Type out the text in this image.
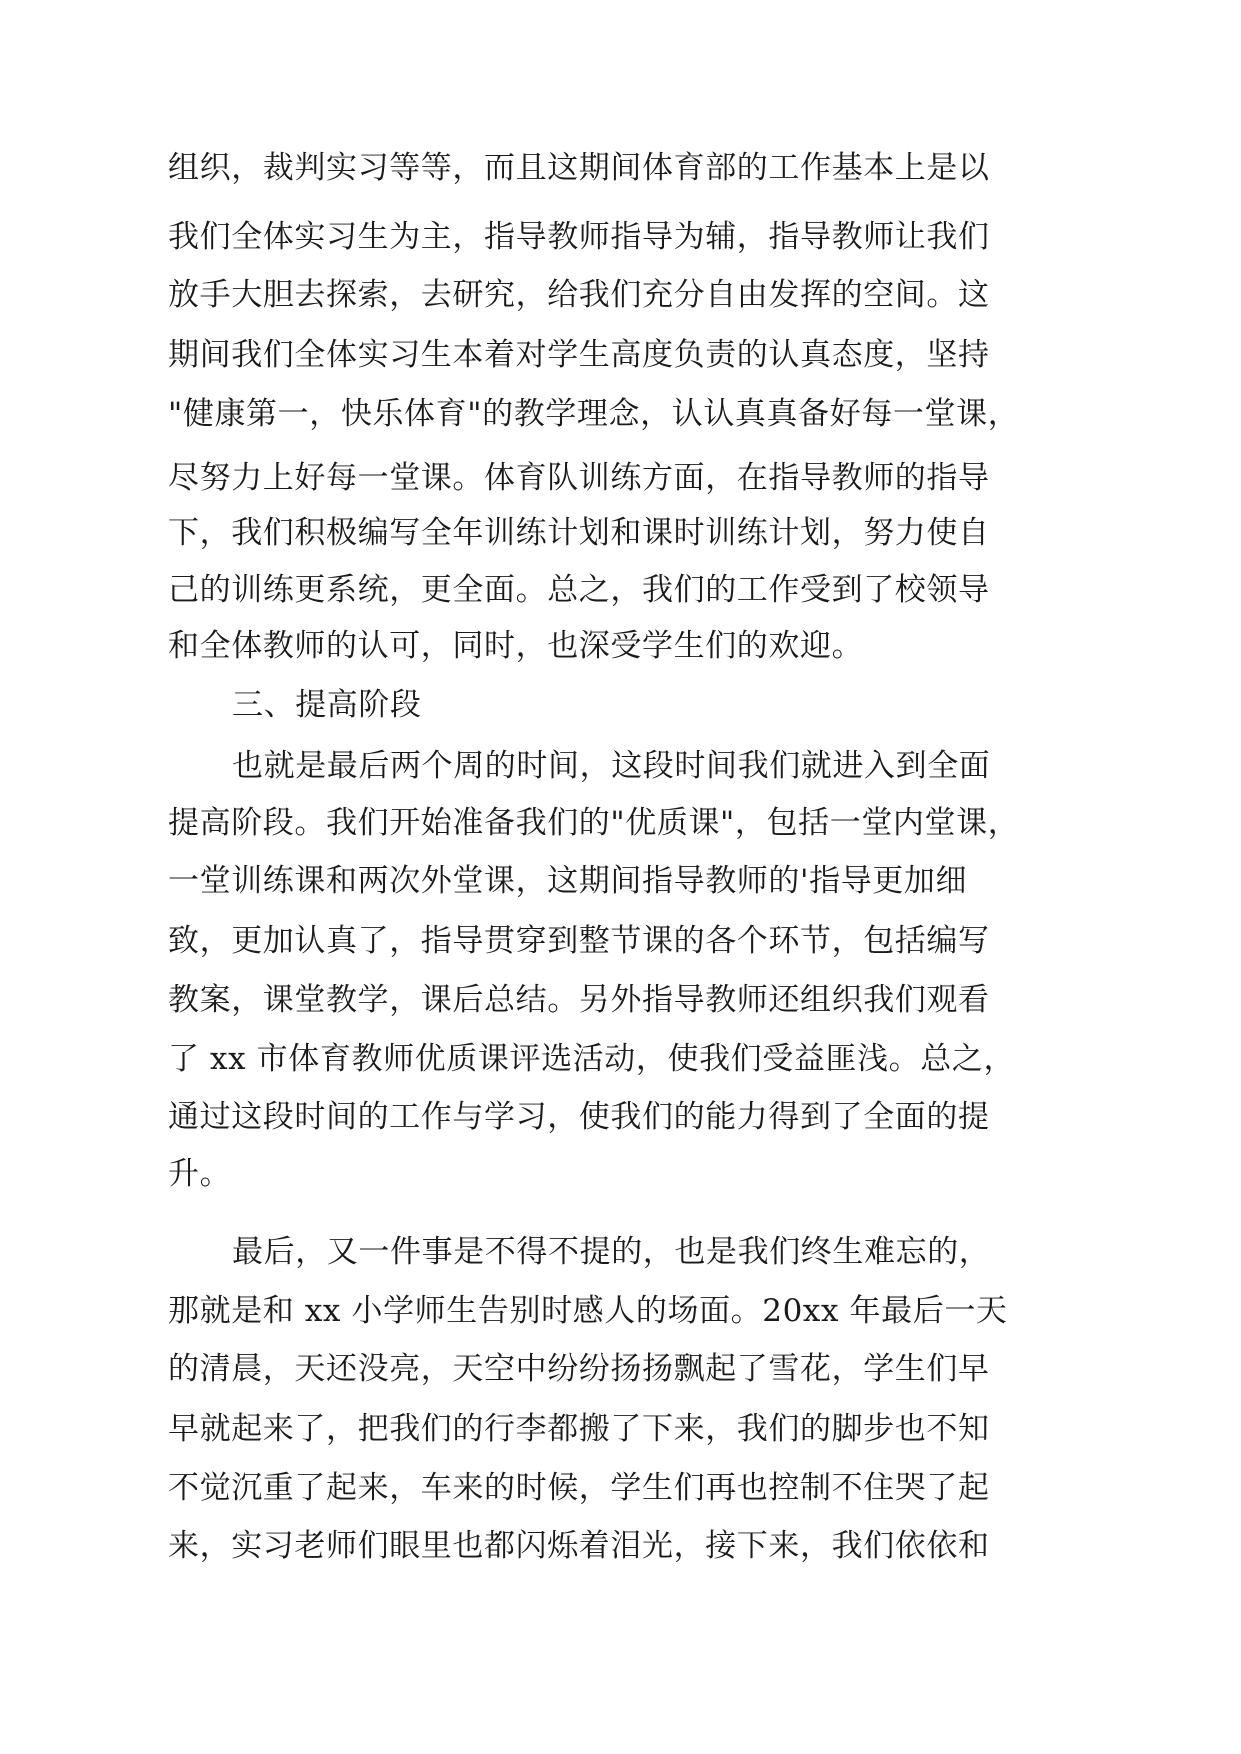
组织，裁判实习等等，而且这期间体育部的工作基本上是以
我们全体实习生为主，指导教师指导为辅，指导教师让我们
放手大胆去探索，去研究，给我们充分自由发挥的空间。这
期间我们全体实习生本着对学生高度负责的认真态度，坚持
"健康第一，快乐体育"的教学理念，认认真真备好每一堂课，
尽努力上好每一堂课。体育队训练方面，在指导教师的指导
下，我们积极编写全年训练计划和课时训练计划，努力使自
己的训练更系统，更全面。总之，我们的工作受到了校领导
和全体教师的认可，同时，也深受学生们的欢迎。
三、提高阶段
也就是最后两个周的时间，这段时间我们就进入到全面
提高阶段。我们开始准备我们的"优质课"，包括一堂内堂课，
一堂训练课和两次外堂课，这期间指导教师的'指导更加细
致，更加认真了，指导贯穿到整节课的各个环节，包括编写
教案，课堂教学，课后总结。另外指导教师还组织我们观看
了 xx 市体育教师优质课评选活动，使我们受益匪浅。总之，
通过这段时间的工作与学习，使我们的能力得到了全面的提
升。
最后，又一件事是不得不提的，也是我们终生难忘的，
那就是和 xx 小学师生告别时感人的场面。20xx 年最后一天
的清晨，天还没亮，天空中纷纷扬扬飘起了雪花，学生们早
早就起来了，把我们的行李都搬了下来，我们的脚步也不知
不觉沉重了起来，车来的时候，学生们再也控制不住哭了起
来，实习老师们眼里也都闪烁着泪光，接下来，我们依依和
